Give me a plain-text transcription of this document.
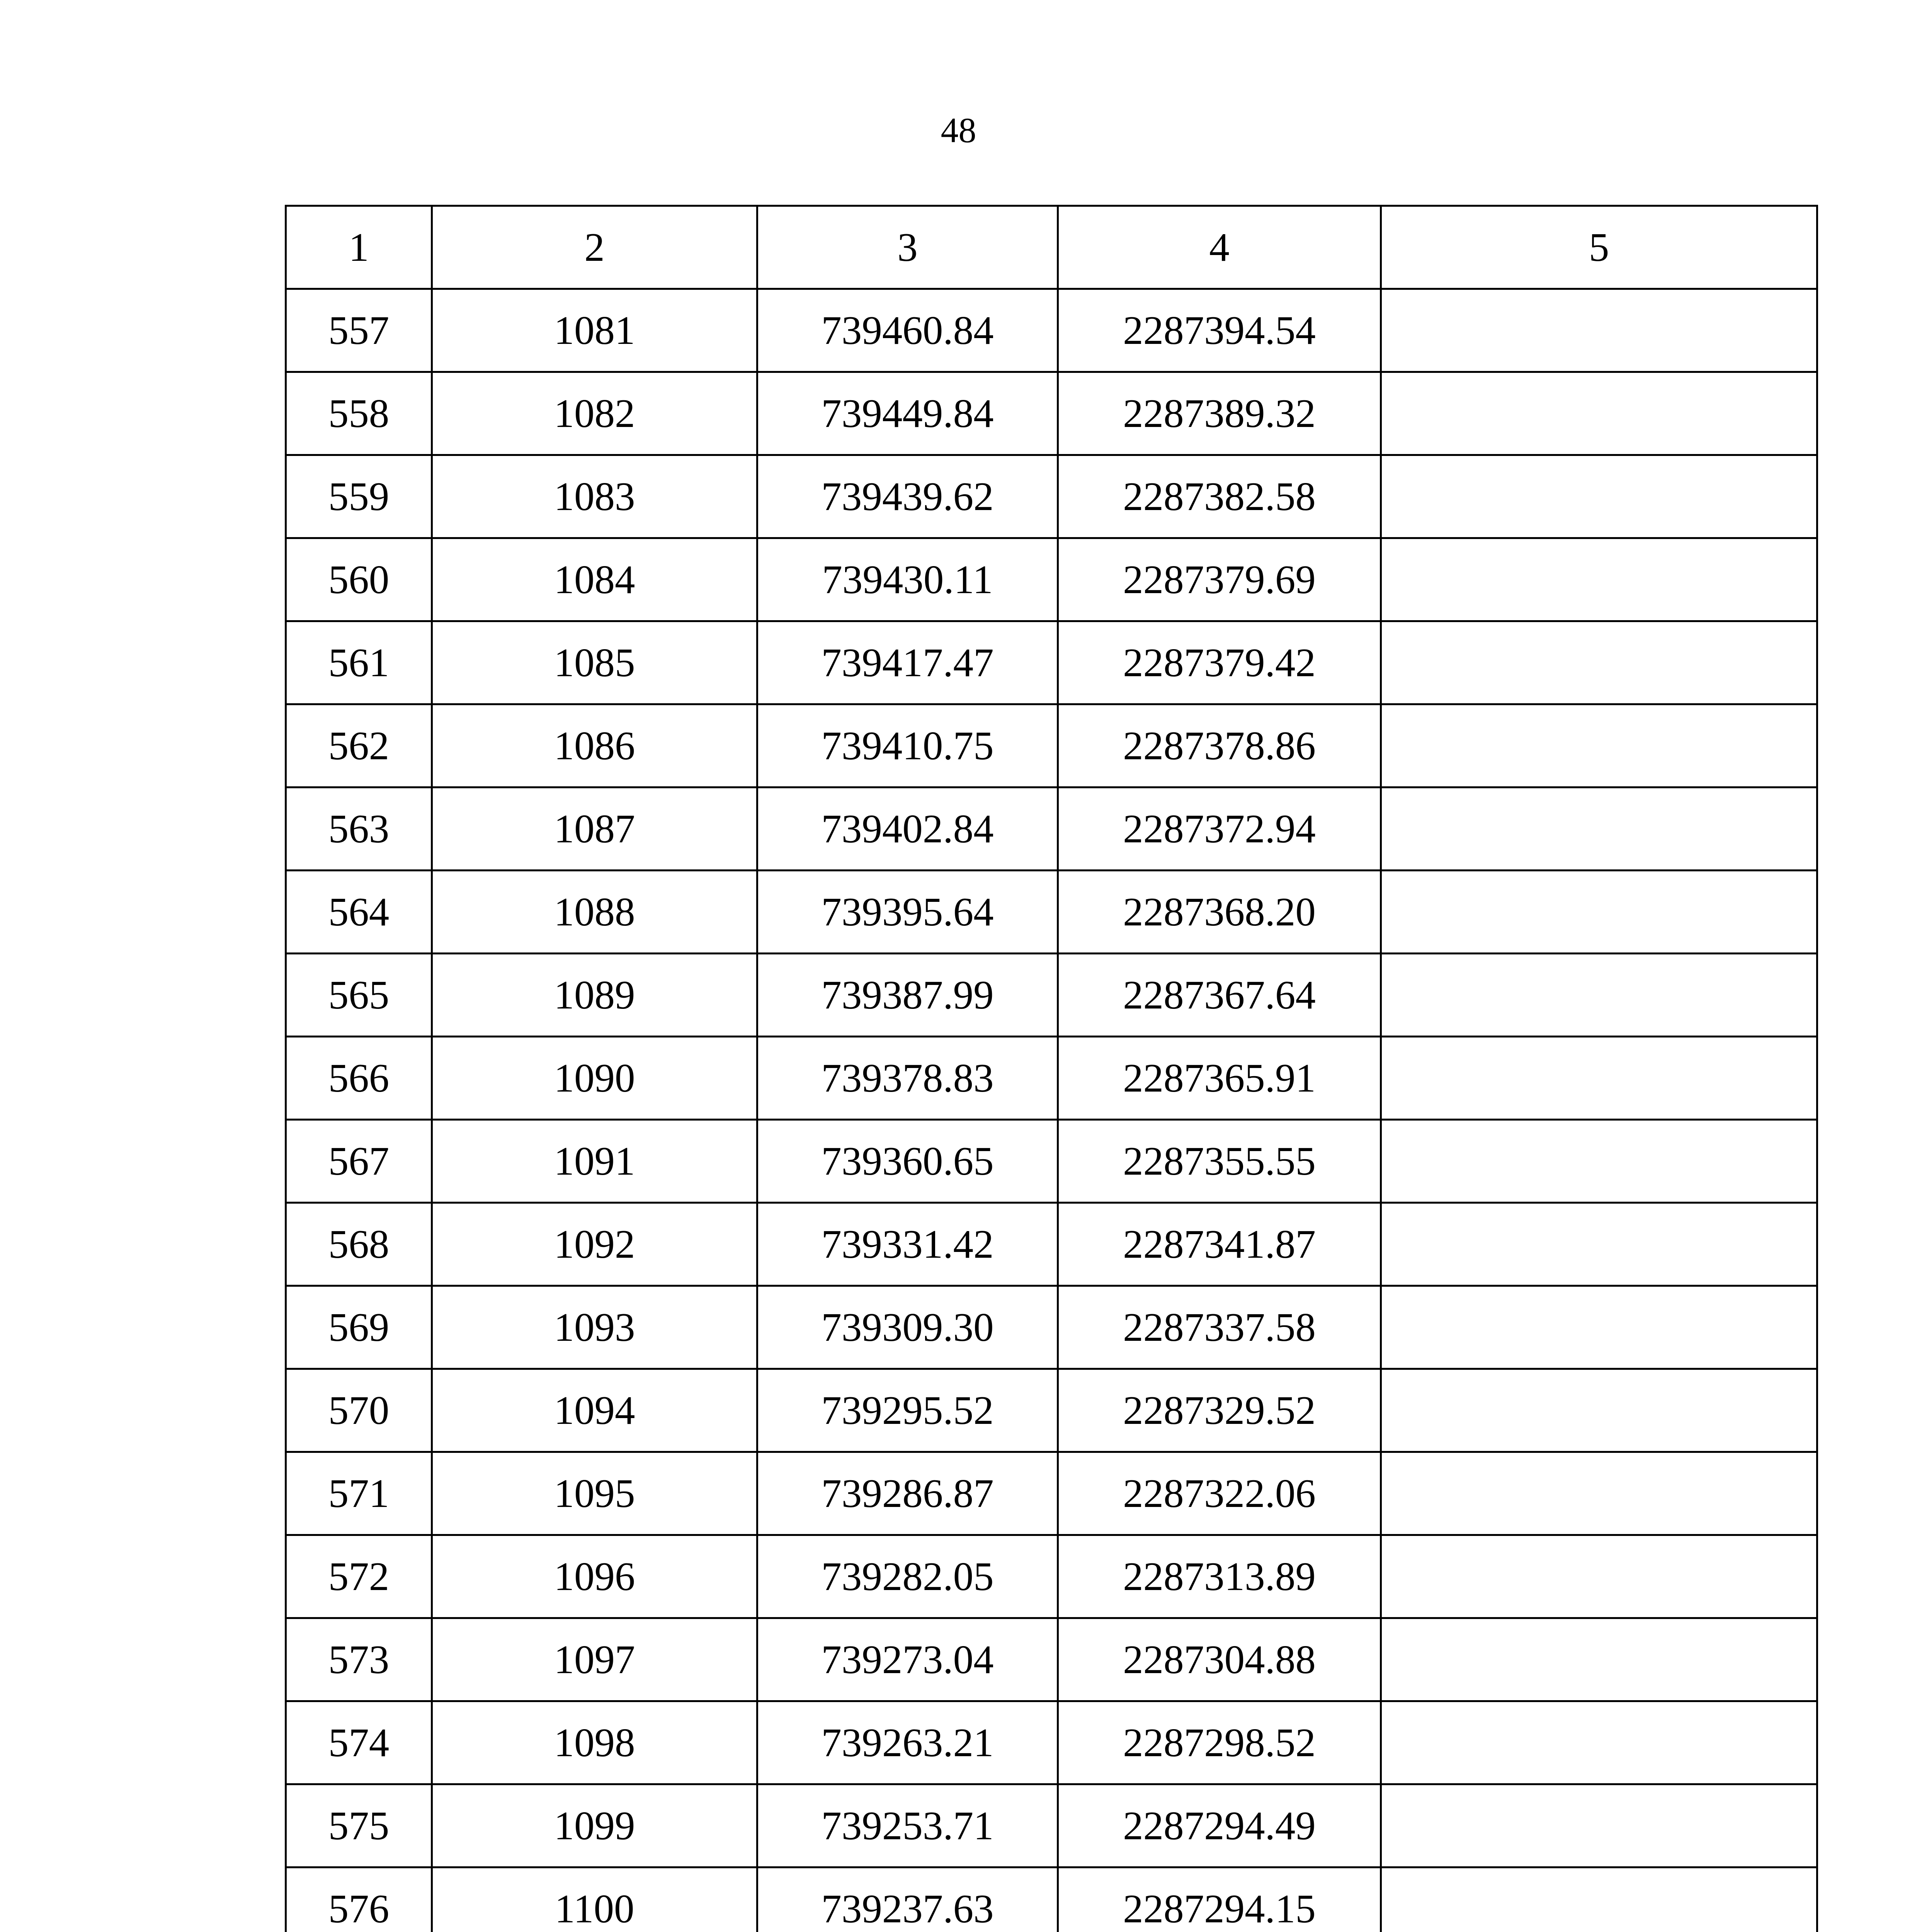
48
1	2	3	4	5
557	1081	739460.84	2287394.54	
558	1082	739449.84	2287389.32	
559	1083	739439.62	2287382.58	
560	1084	739430.11	2287379.69	
561	1085	739417.47	2287379.42	
562	1086	739410.75	2287378.86	
563	1087	739402.84	2287372.94	
564	1088	739395.64	2287368.20	
565	1089	739387.99	2287367.64	
566	1090	739378.83	2287365.91	
567	1091	739360.65	2287355.55	
568	1092	739331.42	2287341.87	
569	1093	739309.30	2287337.58	
570	1094	739295.52	2287329.52	
571	1095	739286.87	2287322.06	
572	1096	739282.05	2287313.89	
573	1097	739273.04	2287304.88	
574	1098	739263.21	2287298.52	
575	1099	739253.71	2287294.49	
576	1100	739237.63	2287294.15	
